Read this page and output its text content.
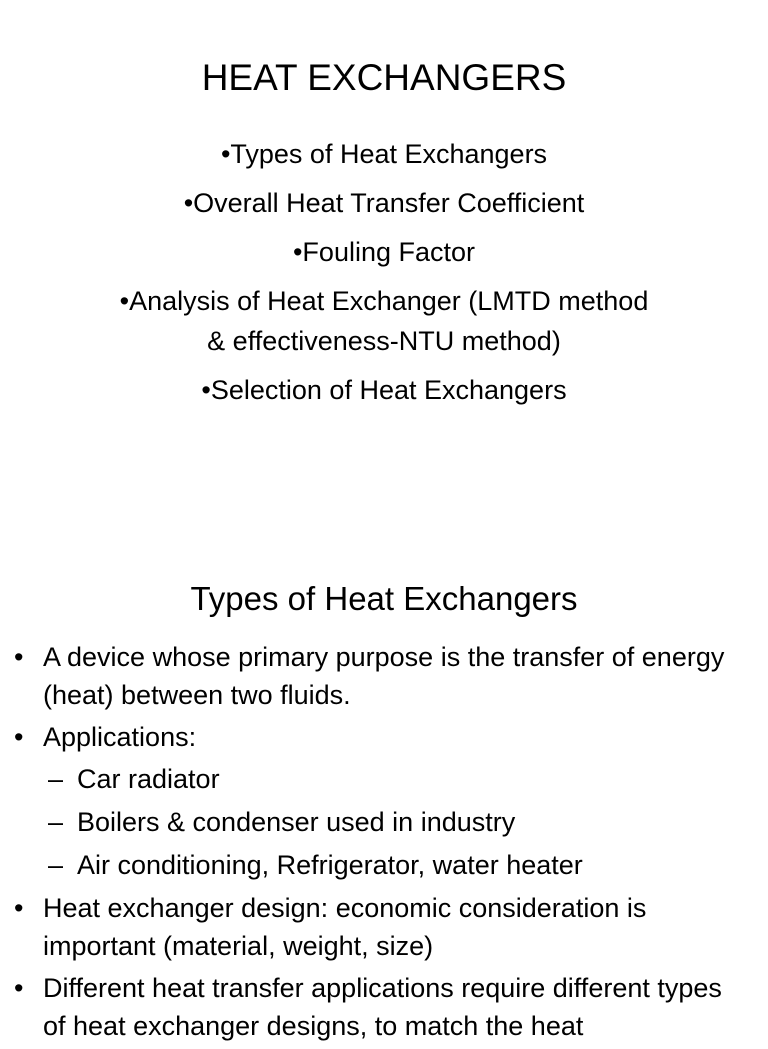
HEAT EXCHANGERS
•Types of Heat Exchangers
•Overall Heat Transfer Coefficient
•Fouling Factor
•Analysis of Heat Exchanger (LMTD method
& effectiveness-NTU method)
•Selection of Heat Exchangers
Types of Heat Exchangers
• A device whose primary purpose is the transfer of energy (heat) between two fluids.
• Applications:
– Car radiator
– Boilers & condenser used in industry
– Air conditioning, Refrigerator, water heater
• Heat exchanger design: economic consideration is important (material, weight, size)
• Different heat transfer applications require different types of heat exchanger designs, to match the heat
